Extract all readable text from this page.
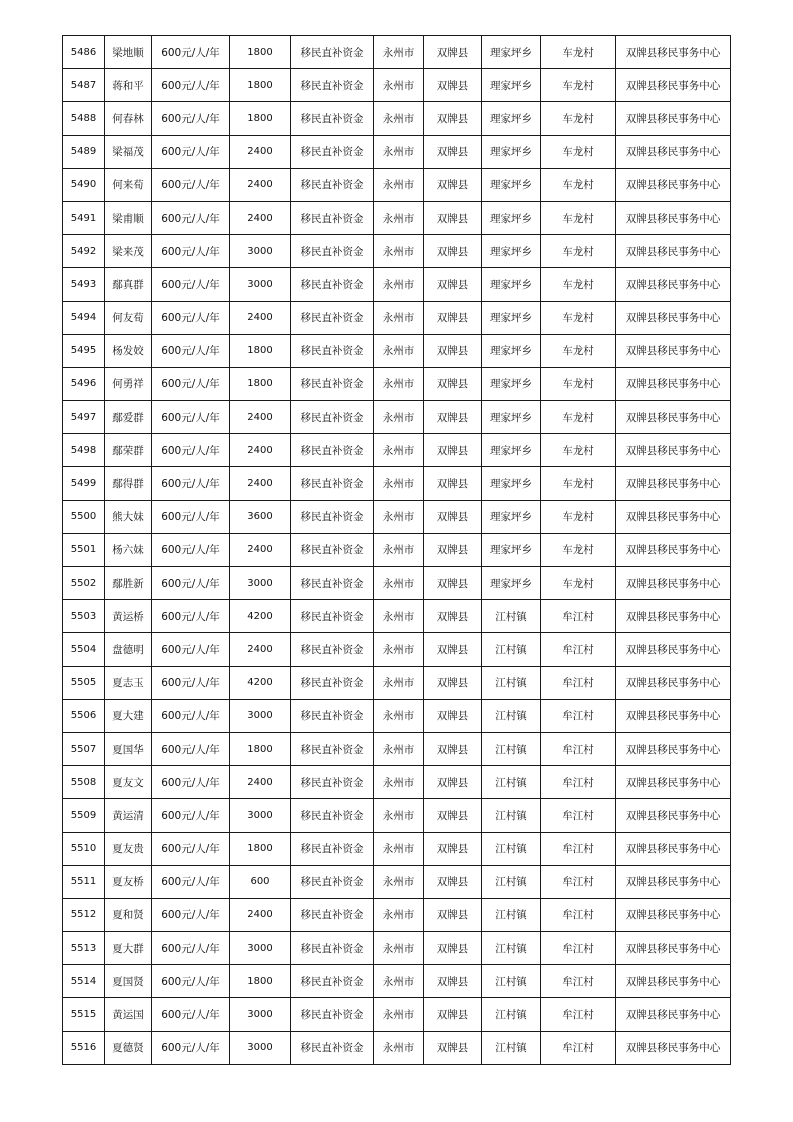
5486	梁地顺	600元/人/年	1800	移民直补资金	永州市	双牌县	理家坪乡	车龙村	双牌县移民事务中心
5487	蒋和平	600元/人/年	1800	移民直补资金	永州市	双牌县	理家坪乡	车龙村	双牌县移民事务中心
5488	何春林	600元/人/年	1800	移民直补资金	永州市	双牌县	理家坪乡	车龙村	双牌县移民事务中心
5489	梁福茂	600元/人/年	2400	移民直补资金	永州市	双牌县	理家坪乡	车龙村	双牌县移民事务中心
5490	何来荀	600元/人/年	2400	移民直补资金	永州市	双牌县	理家坪乡	车龙村	双牌县移民事务中心
5491	梁甫顺	600元/人/年	2400	移民直补资金	永州市	双牌县	理家坪乡	车龙村	双牌县移民事务中心
5492	梁来茂	600元/人/年	3000	移民直补资金	永州市	双牌县	理家坪乡	车龙村	双牌县移民事务中心
5493	鄢真群	600元/人/年	3000	移民直补资金	永州市	双牌县	理家坪乡	车龙村	双牌县移民事务中心
5494	何友荀	600元/人/年	2400	移民直补资金	永州市	双牌县	理家坪乡	车龙村	双牌县移民事务中心
5495	杨发姣	600元/人/年	1800	移民直补资金	永州市	双牌县	理家坪乡	车龙村	双牌县移民事务中心
5496	何勇祥	600元/人/年	1800	移民直补资金	永州市	双牌县	理家坪乡	车龙村	双牌县移民事务中心
5497	鄢爱群	600元/人/年	2400	移民直补资金	永州市	双牌县	理家坪乡	车龙村	双牌县移民事务中心
5498	鄢荣群	600元/人/年	2400	移民直补资金	永州市	双牌县	理家坪乡	车龙村	双牌县移民事务中心
5499	鄢得群	600元/人/年	2400	移民直补资金	永州市	双牌县	理家坪乡	车龙村	双牌县移民事务中心
5500	熊大妹	600元/人/年	3600	移民直补资金	永州市	双牌县	理家坪乡	车龙村	双牌县移民事务中心
5501	杨六妹	600元/人/年	2400	移民直补资金	永州市	双牌县	理家坪乡	车龙村	双牌县移民事务中心
5502	鄢胜新	600元/人/年	3000	移民直补资金	永州市	双牌县	理家坪乡	车龙村	双牌县移民事务中心
5503	黄运桥	600元/人/年	4200	移民直补资金	永州市	双牌县	江村镇	牟江村	双牌县移民事务中心
5504	盘德明	600元/人/年	2400	移民直补资金	永州市	双牌县	江村镇	牟江村	双牌县移民事务中心
5505	夏志玉	600元/人/年	4200	移民直补资金	永州市	双牌县	江村镇	牟江村	双牌县移民事务中心
5506	夏大建	600元/人/年	3000	移民直补资金	永州市	双牌县	江村镇	牟江村	双牌县移民事务中心
5507	夏国华	600元/人/年	1800	移民直补资金	永州市	双牌县	江村镇	牟江村	双牌县移民事务中心
5508	夏友文	600元/人/年	2400	移民直补资金	永州市	双牌县	江村镇	牟江村	双牌县移民事务中心
5509	黄运清	600元/人/年	3000	移民直补资金	永州市	双牌县	江村镇	牟江村	双牌县移民事务中心
5510	夏友贵	600元/人/年	1800	移民直补资金	永州市	双牌县	江村镇	牟江村	双牌县移民事务中心
5511	夏友桥	600元/人/年	600	移民直补资金	永州市	双牌县	江村镇	牟江村	双牌县移民事务中心
5512	夏和贤	600元/人/年	2400	移民直补资金	永州市	双牌县	江村镇	牟江村	双牌县移民事务中心
5513	夏大群	600元/人/年	3000	移民直补资金	永州市	双牌县	江村镇	牟江村	双牌县移民事务中心
5514	夏国贤	600元/人/年	1800	移民直补资金	永州市	双牌县	江村镇	牟江村	双牌县移民事务中心
5515	黄运国	600元/人/年	3000	移民直补资金	永州市	双牌县	江村镇	牟江村	双牌县移民事务中心
5516	夏德贤	600元/人/年	3000	移民直补资金	永州市	双牌县	江村镇	牟江村	双牌县移民事务中心
